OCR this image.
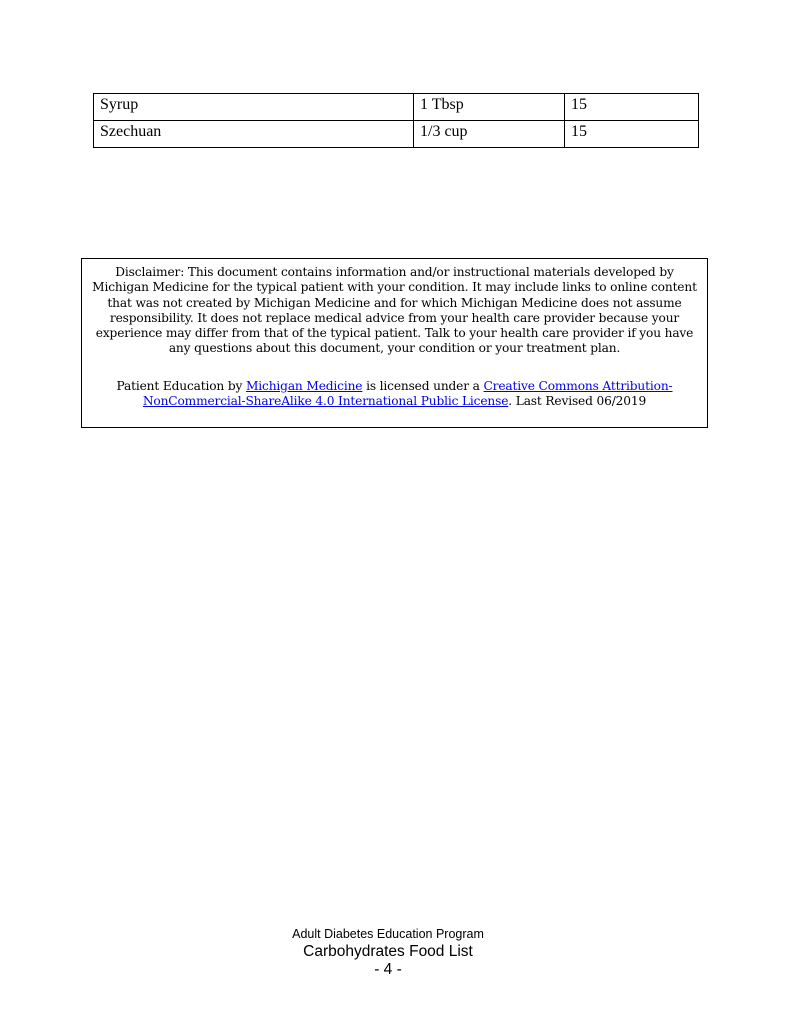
Syrup	1 Tbsp	15
Szechuan	1/3 cup	15

Disclaimer: This document contains information and/or instructional materials developed by Michigan Medicine for the typical patient with your condition. It may include links to online content that was not created by Michigan Medicine and for which Michigan Medicine does not assume responsibility. It does not replace medical advice from your health care provider because your experience may differ from that of the typical patient. Talk to your health care provider if you have any questions about this document, your condition or your treatment plan.

Patient Education by Michigan Medicine is licensed under a Creative Commons Attribution-NonCommercial-ShareAlike 4.0 International Public License. Last Revised 06/2019

Adult Diabetes Education Program
Carbohydrates Food List
- 4 -
